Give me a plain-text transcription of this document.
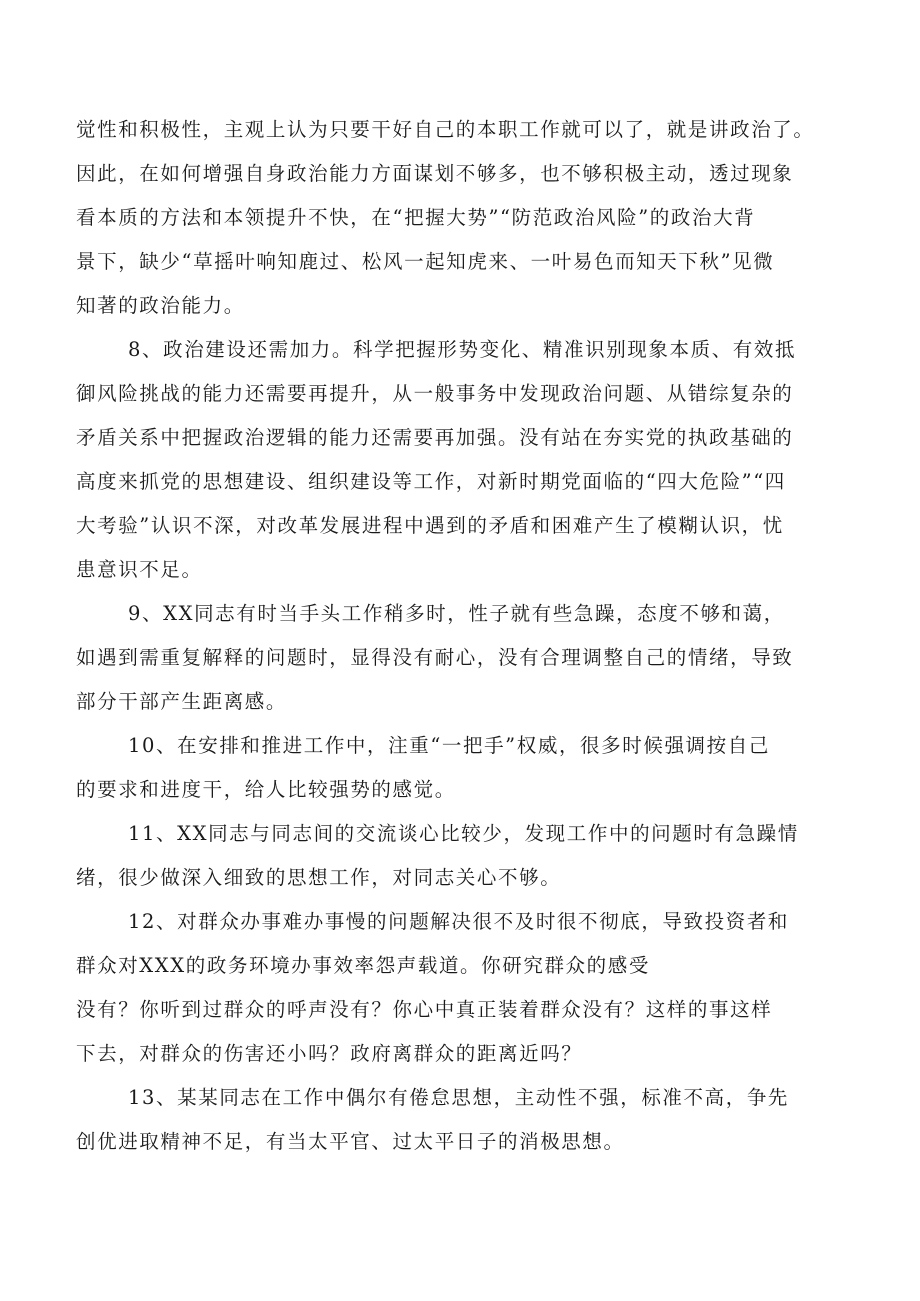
觉性和积极性，主观上认为只要干好自己的本职工作就可以了，就是讲政治了。
因此，在如何增强自身政治能力方面谋划不够多，也不够积极主动，透过现象
看本质的方法和本领提升不快，在“把握大势”“防范政治风险”的政治大背
景下，缺少“草摇叶响知鹿过、松风一起知虎来、一叶易色而知天下秋”见微
知著的政治能力。
8、政治建设还需加力。科学把握形势变化、精准识别现象本质、有效抵
御风险挑战的能力还需要再提升，从一般事务中发现政治问题、从错综复杂的
矛盾关系中把握政治逻辑的能力还需要再加强。没有站在夯实党的执政基础的
高度来抓党的思想建设、组织建设等工作，对新时期党面临的“四大危险”“四
大考验”认识不深，对改革发展进程中遇到的矛盾和困难产生了模糊认识，忧
患意识不足。
9、XX同志有时当手头工作稍多时，性子就有些急躁，态度不够和蔼，
如遇到需重复解释的问题时，显得没有耐心，没有合理调整自己的情绪，导致
部分干部产生距离感。
10、在安排和推进工作中，注重“一把手”权威，很多时候强调按自己
的要求和进度干，给人比较强势的感觉。
11、XX同志与同志间的交流谈心比较少，发现工作中的问题时有急躁情
绪，很少做深入细致的思想工作，对同志关心不够。
12、对群众办事难办事慢的问题解决很不及时很不彻底，导致投资者和
群众对XXX的政务环境办事效率怨声载道。你研究群众的感受
没有？你听到过群众的呼声没有？你心中真正装着群众没有？这样的事这样
下去，对群众的伤害还小吗？政府离群众的距离近吗？
13、某某同志在工作中偶尔有倦怠思想，主动性不强，标准不高，争先
创优进取精神不足，有当太平官、过太平日子的消极思想。
